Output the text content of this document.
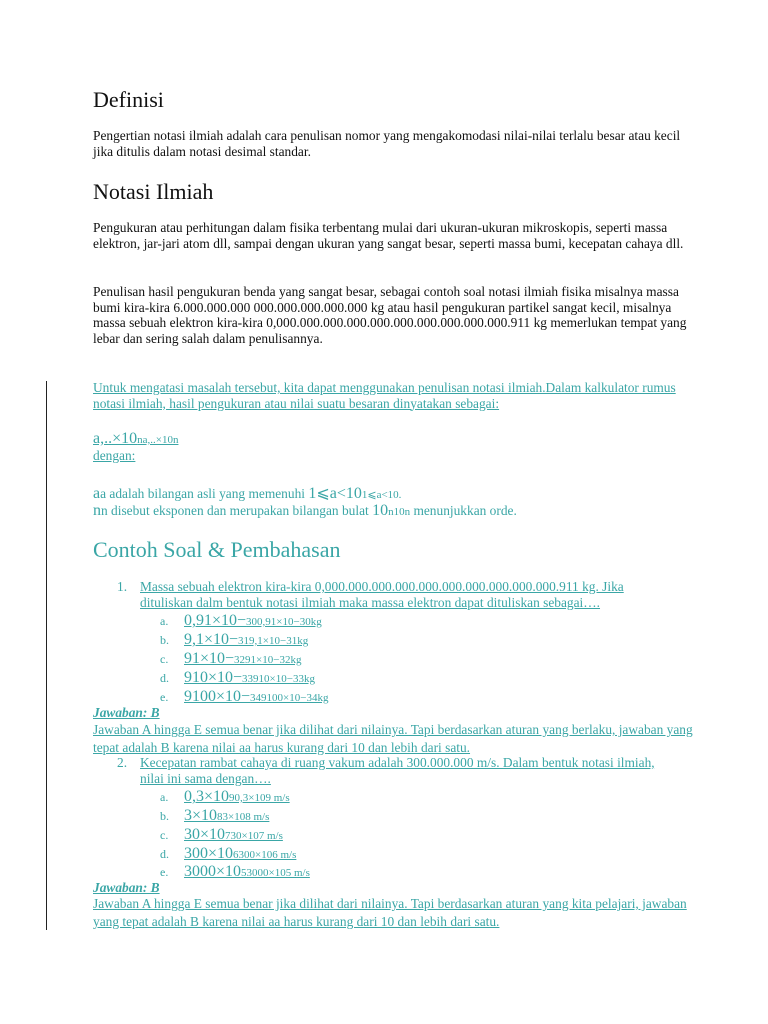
Definisi

Pengertian notasi ilmiah adalah cara penulisan nomor yang mengakomodasi nilai-nilai terlalu besar atau kecil jika ditulis dalam notasi desimal standar.

Notasi Ilmiah

Pengukuran atau perhitungan dalam fisika terbentang mulai dari ukuran-ukuran mikroskopis, seperti massa elektron, jar-jari atom dll, sampai dengan ukuran yang sangat besar, seperti massa bumi, kecepatan cahaya dll.

Penulisan hasil pengukuran benda yang sangat besar, sebagai contoh soal notasi ilmiah fisika misalnya massa bumi kira-kira 6.000.000.000 000.000.000.000.000 kg atau hasil pengukuran partikel sangat kecil, misalnya massa sebuah elektron kira-kira 0,000.000.000.000.000.000.000.000.000.000.911 kg memerlukan tempat yang lebar dan sering salah dalam penulisannya.

Untuk mengatasi masalah tersebut, kita dapat menggunakan penulisan notasi ilmiah.Dalam kalkulator rumus notasi ilmiah, hasil pengukuran atau nilai suatu besaran dinyatakan sebagai:

a,..×10na,..×10n
dengan:
aa adalah bilangan asli yang memenuhi 1⩽a<101⩽a<10.
nn disebut eksponen dan merupakan bilangan bulat 10n10n menunjukkan orde.
Contoh Soal & Pembahasan
1. Massa sebuah elektron kira-kira 0,000.000.000.000.000.000.000.000.000.000.911 kg. Jika dituliskan dalm bentuk notasi ilmiah maka massa elektron dapat dituliskan sebagai….
a. 0,91×10−300,91×10−30kg
b. 9,1×10−319,1×10−31kg
c. 91×10−3291×10−32kg
d. 910×10−33910×10−33kg
e. 9100×10−349100×10−34kg
Jawaban: B
Jawaban A hingga E semua benar jika dilihat dari nilainya. Tapi berdasarkan aturan yang berlaku, jawaban yang tepat adalah B karena nilai aa harus kurang dari 10 dan lebih dari satu.
2. Kecepatan rambat cahaya di ruang vakum adalah 300.000.000 m/s. Dalam bentuk notasi ilmiah, nilai ini sama dengan….
a. 0,3×1090,3×109 m/s
b. 3×1083×108 m/s
c. 30×10730×107 m/s
d. 300×106300×106 m/s
e. 3000×1053000×105 m/s
Jawaban: B
Jawaban A hingga E semua benar jika dilihat dari nilainya. Tapi berdasarkan aturan yang kita pelajari, jawaban yang tepat adalah B karena nilai aa harus kurang dari 10 dan lebih dari satu.
